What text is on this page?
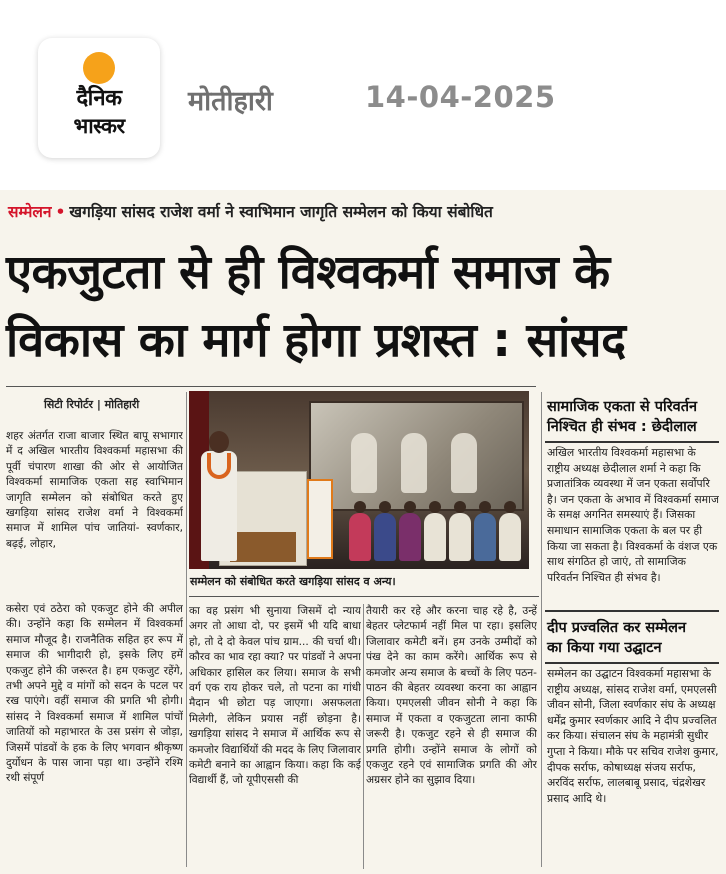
दैनिक
भास्कर
मोतीहारी	14-04-2025
सम्मेलन • खगड़िया सांसद राजेश वर्मा ने स्वाभिमान जागृति सम्मेलन को किया संबोधित
एकजुटता से ही विश्वकर्मा समाज के
विकास का मार्ग होगा प्रशस्त : सांसद
सिटी रिपोर्टर | मोतिहारी

शहर अंतर्गत राजा बाजार स्थित बापू सभागार में द अखिल भारतीय विश्वकर्मा महासभा की पूर्वी चंपारण शाखा की ओर से आयोजित विश्वकर्मा सामाजिक एकता सह स्वाभिमान जागृति सम्मेलन को संबोधित करते हुए खगड़िया सांसद राजेश वर्मा ने विश्वकर्मा समाज में शामिल पांच जातियां- स्वर्णकार, बढ़ई, लोहार,

कसेरा एवं ठठेरा को एकजुट होने की अपील की। उन्होंने कहा कि सम्मेलन में विश्वकर्मा समाज मौजूद है। राजनैतिक सहित हर रूप में समाज की भागीदारी हो, इसके लिए हमें एकजुट होने की जरूरत है। हम एकजुट रहेंगे, तभी अपने मुद्दे व मांगों को सदन के पटल पर रख पाएंगे। वहीं समाज की प्रगति भी होगी। सांसद ने विश्वकर्मा समाज में शामिल पांचों जातियों को महाभारत के उस प्रसंग से जोड़ा, जिसमें पांडवों के हक के लिए भगवान श्रीकृष्ण दुर्योधन के पास जाना पड़ा था। उन्होंने रश्मि रथी संपूर्ण

सम्मेलन को संबोधित करते खगड़िया सांसद व अन्य।

का वह प्रसंग भी सुनाया जिसमें दो न्याय अगर तो आधा दो, पर इसमें भी यदि बाधा हो, तो दे दो केवल पांच ग्राम... की चर्चा थी। कौरव का भाव रहा क्या? पर पांडवों ने अपना अधिकार हासिल कर लिया। समाज के सभी वर्ग एक राय होकर चले, तो पटना का गांधी मैदान भी छोटा पड़ जाएगा। असफलता मिलेगी, लेकिन प्रयास नहीं छोड़ना है। खगड़िया सांसद ने समाज में आर्थिक रूप से कमजोर विद्यार्थियों की मदद के लिए जिलावार कमेटी बनाने का आह्वान किया। कहा कि कई विद्यार्थी हैं, जो यूपीएससी की

तैयारी कर रहे और करना चाह रहे है, उन्हें बेहतर प्लेटफार्म नहीं मिल पा रहा। इसलिए जिलावार कमेटी बनें। हम उनके उम्मीदों को पंख देने का काम करेंगे। आर्थिक रूप से कमजोर अन्य समाज के बच्चों के लिए पठन-पाठन की बेहतर व्यवस्था करना का आह्वान किया। एमएलसी जीवन सोनी ने कहा कि समाज में एकता व एकजुटता लाना काफी जरूरी है। एकजुट रहने से ही समाज की प्रगति होगी। उन्होंने समाज के लोगों को एकजुट रहने एवं सामाजिक प्रगति की ओर अग्रसर होने का सुझाव दिया।

सामाजिक एकता से परिवर्तन
निश्चित ही संभव : छेदीलाल

अखिल भारतीय विश्वकर्मा महासभा के राष्ट्रीय अध्यक्ष छेदीलाल शर्मा ने कहा कि प्रजातांत्रिक व्यवस्था में जन एकता सर्वोपरि है। जन एकता के अभाव में विश्वकर्मा समाज के समक्ष अगनित समस्याएं हैं। जिसका समाधान सामाजिक एकता के बल पर ही किया जा सकता है। विश्वकर्मा के वंशज एक साथ संगठित हो जाएं, तो सामाजिक परिवर्तन निश्चित ही संभव है।

दीप प्रज्वलित कर सम्मेलन
का किया गया उद्घाटन

सम्मेलन का उद्घाटन विश्वकर्मा महासभा के राष्ट्रीय अध्यक्ष, सांसद राजेश वर्मा, एमएलसी जीवन सोनी, जिला स्वर्णकार संघ के अध्यक्ष धर्मेंद्र कुमार स्वर्णकार आदि ने दीप प्रज्वलित कर किया। संचालन संघ के महामंत्री सुधीर गुप्ता ने किया। मौके पर सचिव राजेश कुमार, दीपक सर्राफ, कोषाध्यक्ष संजय सर्राफ, अरविंद सर्राफ, लालबाबू प्रसाद, चंद्रशेखर प्रसाद आदि थे।
